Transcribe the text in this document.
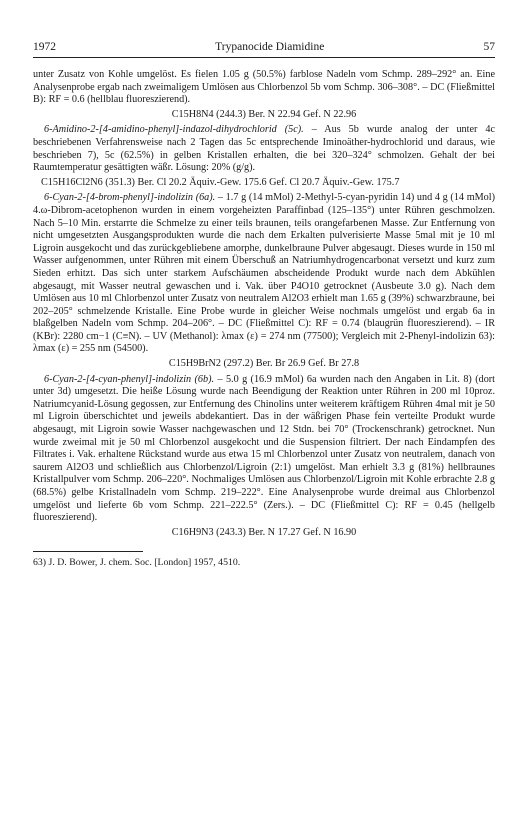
1972	Trypanocide Diamidine	57

unter Zusatz von Kohle umgelöst. Es fielen 1.05 g (50.5%) farblose Nadeln vom Schmp. 289–292° an. Eine Analysenprobe ergab nach zweimaligem Umlösen aus Chlorbenzol 5b vom Schmp. 306–308°. – DC (Fließmittel B): RF = 0.6 (hellblau fluoreszierend).

C15H8N4 (244.3) Ber. N 22.94 Gef. N 22.96

6-Amidino-2-[4-amidino-phenyl]-indazol-dihydrochlorid (5c). – Aus 5b wurde analog der unter 4c beschriebenen Verfahrensweise nach 2 Tagen das 5c entsprechende Iminoäther-hydrochlorid und daraus, wie beschrieben 7), 5c (62.5%) in gelben Kristallen erhalten, die bei 320–324° schmolzen. Gehalt der bei Raumtemperatur gesättigten wäßr. Lösung: 20% (g/g).

C15H16Cl2N6 (351.3) Ber. Cl 20.2 Äquiv.-Gew. 175.6 Gef. Cl 20.7 Äquiv.-Gew. 175.7

6-Cyan-2-[4-brom-phenyl]-indolizin (6a). – 1.7 g (14 mMol) 2-Methyl-5-cyan-pyridin 14) und 4 g (14 mMol) 4.ω-Dibrom-acetophenon wurden in einem vorgeheizten Paraffinbad (125–135°) unter Rühren geschmolzen. Nach 5–10 Min. erstarrte die Schmelze zu einer teils braunen, teils orangefarbenen Masse. Zur Entfernung von nicht umgesetzten Ausgangsprodukten wurde die nach dem Erkalten pulverisierte Masse 5mal mit je 10 ml Ligroin ausgekocht und das zurückgebliebene amorphe, dunkelbraune Pulver abgesaugt. Dieses wurde in 150 ml Wasser aufgenommen, unter Rühren mit einem Überschuß an Natriumhydrogencarbonat versetzt und kurz zum Sieden erhitzt. Das sich unter starkem Aufschäumen abscheidende Produkt wurde nach dem Abkühlen abgesaugt, mit Wasser neutral gewaschen und i. Vak. über P4O10 getrocknet (Ausbeute 3.0 g). Nach dem Umlösen aus 10 ml Chlorbenzol unter Zusatz von neutralem Al2O3 erhielt man 1.65 g (39%) schwarzbraune, bei 202–205° schmelzende Kristalle. Eine Probe wurde in gleicher Weise nochmals umgelöst und ergab 6a in blaßgelben Nadeln vom Schmp. 204–206°. – DC (Fließmittel C): RF = 0.74 (blaugrün fluoreszierend). – IR (KBr): 2280 cm−1 (C≡N). – UV (Methanol): λmax (ε) = 274 nm (77500); Vergleich mit 2-Phenyl-indolizin 63): λmax (ε) = 255 nm (54500).

C15H9BrN2 (297.2) Ber. Br 26.9 Gef. Br 27.8

6-Cyan-2-[4-cyan-phenyl]-indolizin (6b). – 5.0 g (16.9 mMol) 6a wurden nach den Angaben in Lit. 8) (dort unter 3d) umgesetzt. Die heiße Lösung wurde nach Beendigung der Reaktion unter Rühren in 200 ml 10proz. Natriumcyanid-Lösung gegossen, zur Entfernung des Chinolins unter weiterem kräftigem Rühren 4mal mit je 50 ml Ligroin überschichtet und jeweils abdekantiert. Das in der wäßrigen Phase fein verteilte Produkt wurde abgesaugt, mit Ligroin sowie Wasser nachgewaschen und 12 Stdn. bei 70° (Trockenschrank) getrocknet. Nun wurde zweimal mit je 50 ml Chlorbenzol ausgekocht und die Suspension filtriert. Der nach Eindampfen des Filtrates i. Vak. erhaltene Rückstand wurde aus etwa 15 ml Chlorbenzol unter Zusatz von neutralem, danach von saurem Al2O3 und schließlich aus Chlorbenzol/Ligroin (2:1) umgelöst. Man erhielt 3.3 g (81%) hellbraunes Kristallpulver vom Schmp. 206–220°. Nochmaliges Umlösen aus Chlorbenzol/Ligroin mit Kohle erbrachte 2.8 g (68.5%) gelbe Kristallnadeln vom Schmp. 219–222°. Eine Analysenprobe wurde dreimal aus Chlorbenzol umgelöst und lieferte 6b vom Schmp. 221–222.5° (Zers.). – DC (Fließmittel C): RF = 0.45 (hellgelb fluoreszierend).

C16H9N3 (243.3) Ber. N 17.27 Gef. N 16.90
63) J. D. Bower, J. chem. Soc. [London] 1957, 4510.
